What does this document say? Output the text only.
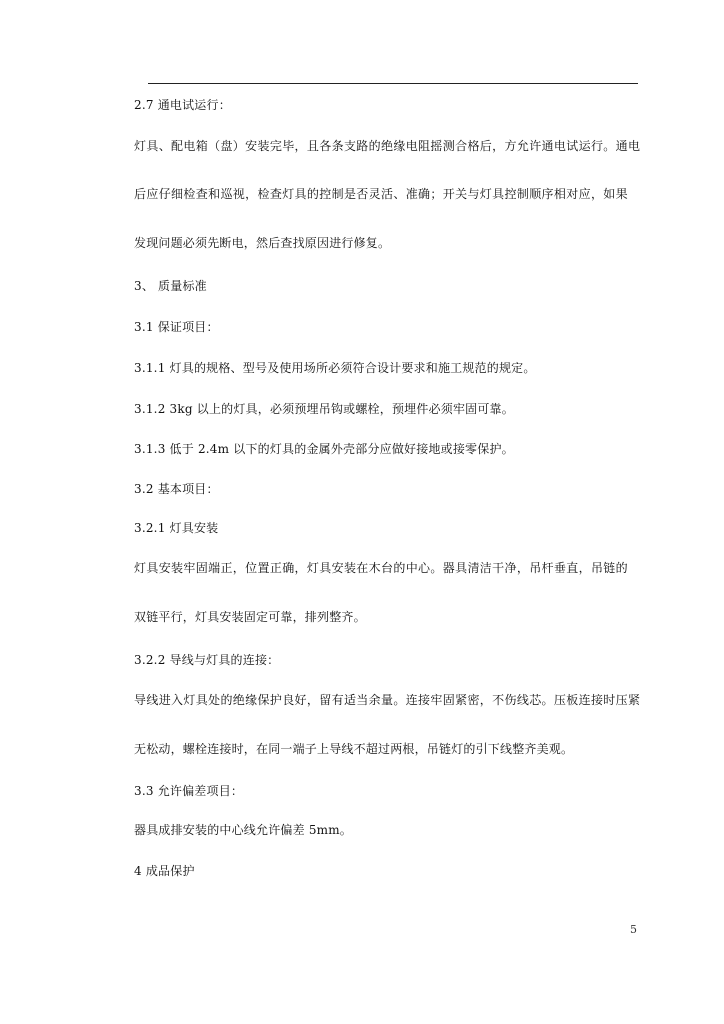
2.7 通电试运行：
灯具、配电箱（盘）安装完毕，且各条支路的绝缘电阻摇测合格后，方允许通电试运行。通电
后应仔细检查和巡视，检查灯具的控制是否灵活、准确；开关与灯具控制顺序相对应，如果
发现问题必须先断电，然后查找原因进行修复。
3、 质量标准
3.1 保证项目：
3.1.1 灯具的规格、型号及使用场所必须符合设计要求和施工规范的规定。
3.1.2 3kg 以上的灯具，必须预埋吊钩或螺栓，预埋件必须牢固可靠。
3.1.3 低于 2.4m 以下的灯具的金属外壳部分应做好接地或接零保护。
3.2 基本项目：
3.2.1 灯具安装
灯具安装牢固端正，位置正确，灯具安装在木台的中心。器具清洁干净，吊杆垂直，吊链的
双链平行，灯具安装固定可靠，排列整齐。
3.2.2 导线与灯具的连接：
导线进入灯具处的绝缘保护良好，留有适当余量。连接牢固紧密，不伤线芯。压板连接时压紧
无松动，螺栓连接时，在同一端子上导线不超过两根，吊链灯的引下线整齐美观。
3.3 允许偏差项目：
器具成排安装的中心线允许偏差 5mm。
4 成品保护
5
